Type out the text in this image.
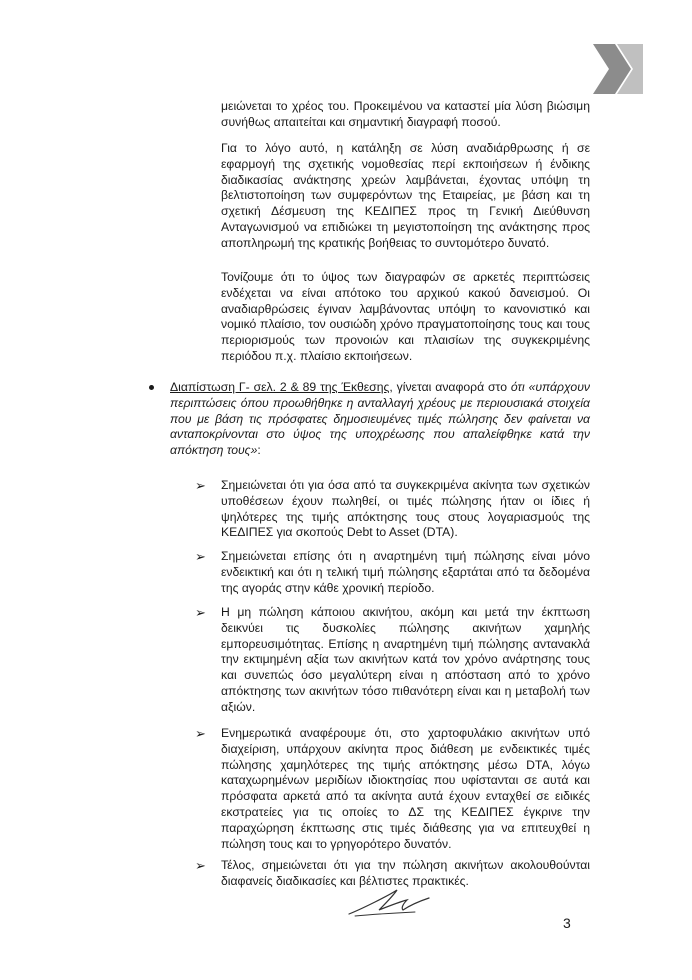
μειώνεται το χρέος του. Προκειμένου να καταστεί μία λύση βιώσιμη συνήθως απαιτείται και σημαντική διαγραφή ποσού.

Για το λόγο αυτό, η κατάληξη σε λύση αναδιάρθρωσης ή σε εφαρμογή της σχετικής νομοθεσίας περί εκποιήσεων ή ένδικης διαδικασίας ανάκτησης χρεών λαμβάνεται, έχοντας υπόψη τη βελτιστοποίηση των συμφερόντων της Εταιρείας, με βάση και τη σχετική Δέσμευση της ΚΕΔΙΠΕΣ προς τη Γενική Διεύθυνση Ανταγωνισμού να επιδιώκει τη μεγιστοποίηση της ανάκτησης προς αποπληρωμή της κρατικής βοήθειας το συντομότερο δυνατό.

Τονίζουμε ότι το ύψος των διαγραφών σε αρκετές περιπτώσεις ενδέχεται να είναι απότοκο του αρχικού κακού δανεισμού. Οι αναδιαρθρώσεις έγιναν λαμβάνοντας υπόψη το κανονιστικό και νομικό πλαίσιο, τον ουσιώδη χρόνο πραγματοποίησης τους και τους περιορισμούς των προνοιών και πλαισίων της συγκεκριμένης περιόδου π.χ. πλαίσιο εκποιήσεων.

Διαπίστωση Γ- σελ. 2 & 89 της Έκθεσης, γίνεται αναφορά στο ότι «υπάρχουν περιπτώσεις όπου προωθήθηκε η ανταλλαγή χρέους με περιουσιακά στοιχεία που με βάση τις πρόσφατες δημοσιευμένες τιμές πώλησης δεν φαίνεται να ανταποκρίνονται στο ύψος της υποχρέωσης που απαλείφθηκε κατά την απόκτηση τους»:

➢ Σημειώνεται ότι για όσα από τα συγκεκριμένα ακίνητα των σχετικών υποθέσεων έχουν πωληθεί, οι τιμές πώλησης ήταν οι ίδιες ή ψηλότερες της τιμής απόκτησης τους στους λογαριασμούς της ΚΕΔΙΠΕΣ για σκοπούς Debt to Asset (DTA).

➢ Σημειώνεται επίσης ότι η αναρτημένη τιμή πώλησης είναι μόνο ενδεικτική και ότι η τελική τιμή πώλησης εξαρτάται από τα δεδομένα της αγοράς στην κάθε χρονική περίοδο.

➢ Η μη πώληση κάποιου ακινήτου, ακόμη και μετά την έκπτωση δεικνύει τις δυσκολίες πώλησης ακινήτων χαμηλής εμπορευσιμότητας. Επίσης η αναρτημένη τιμή πώλησης αντανακλά την εκτιμημένη αξία των ακινήτων κατά τον χρόνο ανάρτησης τους και συνεπώς όσο μεγαλύτερη είναι η απόσταση από το χρόνο απόκτησης των ακινήτων τόσο πιθανότερη είναι και η μεταβολή των αξιών.

➢ Ενημερωτικά αναφέρουμε ότι, στο χαρτοφυλάκιο ακινήτων υπό διαχείριση, υπάρχουν ακίνητα προς διάθεση με ενδεικτικές τιμές πώλησης χαμηλότερες της τιμής απόκτησης μέσω DTA, λόγω καταχωρημένων μεριδίων ιδιοκτησίας που υφίστανται σε αυτά και πρόσφατα αρκετά από τα ακίνητα αυτά έχουν ενταχθεί σε ειδικές εκστρατείες για τις οποίες το ΔΣ της ΚΕΔΙΠΕΣ έγκρινε την παραχώρηση έκπτωσης στις τιμές διάθεσης για να επιτευχθεί η πώληση τους και το γρηγορότερο δυνατόν.

➢ Τέλος, σημειώνεται ότι για την πώληση ακινήτων ακολουθούνται διαφανείς διαδικασίες και βέλτιστες πρακτικές.

3
